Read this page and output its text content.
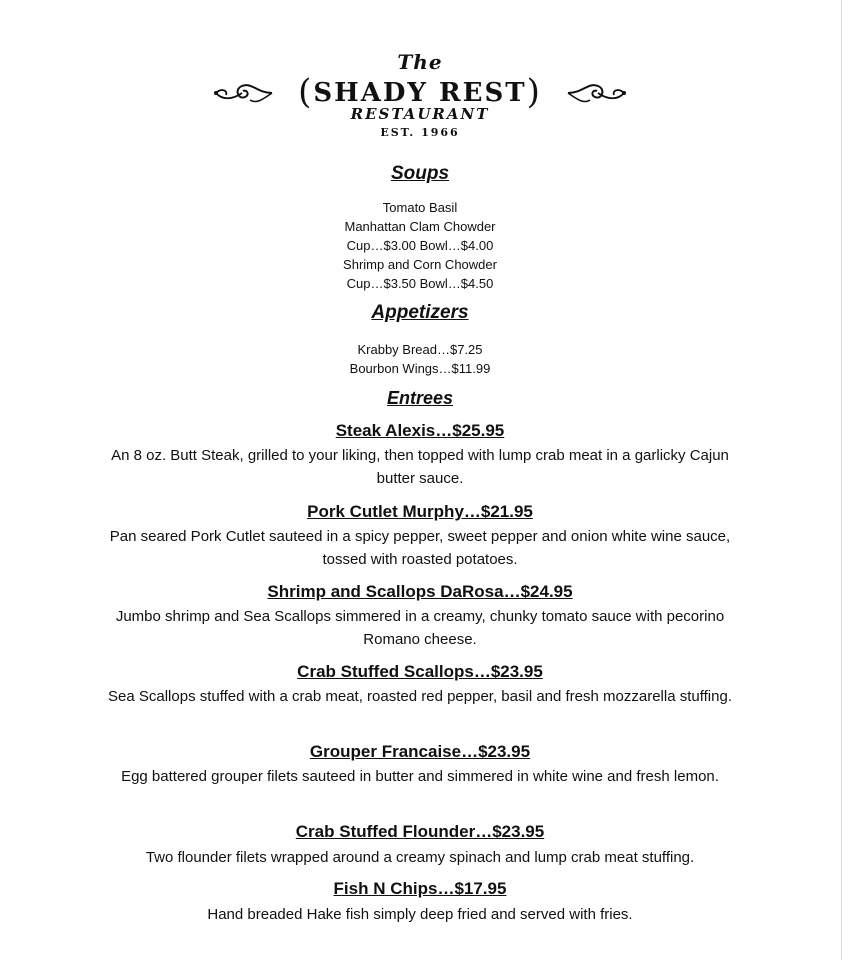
The
(SHADY REST)
RESTAURANT
EST. 1966
Soups
Tomato Basil
Manhattan Clam Chowder
Cup…$3.00 Bowl…$4.00
Shrimp and Corn Chowder
Cup…$3.50 Bowl…$4.50
Appetizers
Krabby Bread…$7.25
Bourbon Wings…$11.99
Entrees
Steak Alexis…$25.95
An 8 oz. Butt Steak, grilled to your liking, then topped with lump crab meat in a garlicky Cajun butter sauce.
Pork Cutlet Murphy…$21.95
Pan seared Pork Cutlet sauteed in a spicy pepper, sweet pepper and onion white wine sauce, tossed with roasted potatoes.
Shrimp and Scallops DaRosa…$24.95
Jumbo shrimp and Sea Scallops simmered in a creamy, chunky tomato sauce with pecorino Romano cheese.
Crab Stuffed Scallops…$23.95
Sea Scallops stuffed with a crab meat, roasted red pepper, basil and fresh mozzarella stuffing.
Grouper Francaise…$23.95
Egg battered grouper filets sauteed in butter and simmered in white wine and fresh lemon.
Crab Stuffed Flounder…$23.95
Two flounder filets wrapped around a creamy spinach and lump crab meat stuffing.
Fish N Chips…$17.95
Hand breaded Hake fish simply deep fried and served with fries.
